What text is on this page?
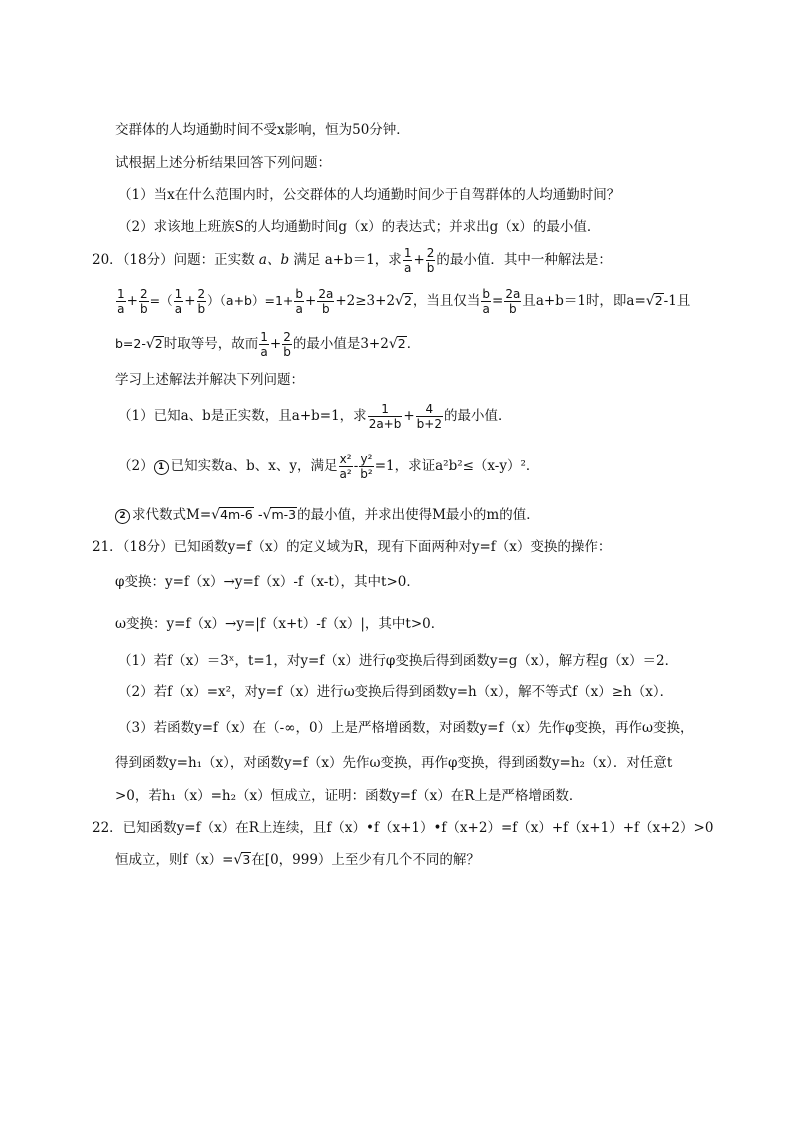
交群体的人均通勤时间不受x影响，恒为50分钟．
试根据上述分析结果回答下列问题：
（1）当x在什么范围内时，公交群体的人均通勤时间少于自驾群体的人均通勤时间？
（2）求该地上班族S的人均通勤时间g（x）的表达式；并求出g（x）的最小值．
20．（18分）问题：正实数 a、b 满足 a+b＝1，求 $\frac{1}{a} + \frac{2}{b}$ 的最小值．其中一种解法是：
$\frac{1}{a} + \frac{2}{b}$ =（ $\frac{1}{a} + \frac{2}{b} )(a+b)=1+ \frac{b}{a} + \frac{2a}{b} +2\ge 3+2√2$，当且仅当 $\frac{b}{a} = \frac{2a}{b}$ 且a+b＝1时，即a=√2-1且
b=2-√2时取等号，故而 $\frac{1}{a} + \frac{2}{b}$ 的最小值是3+2√2．
学习上述解法并解决下列问题：
（1）已知a、b是正实数，且a+b=1，求 $\frac{1}{2a+b} + \frac{4}{b+2}$ 的最小值．
（2） 1 已知实数a、b、x、y，满足 $\frac{\text{x²}}{\text{a²}} - \frac{\text{y²}}{\text{b²}} =1$，求证a²b²≤（x-y）²．
2 求代数式M=√4m-6 -√m-3的最小值，并求出使得M最小的m的值．
21．（18分）已知函数y=f（x）的定义域为R，现有下面两种对y=f（x）变换的操作：
φ变换：y=f（x）→y=f（x）-f（x-t），其中t>0．
ω变换：y=f（x）→y=|f（x+t）-f（x）|，其中t>0．
（1）若f（x）＝3ˣ，t=1，对y=f（x）进行φ变换后得到函数y=g（x），解方程g（x）＝2．
（2）若f（x）=x²，对y=f（x）进行ω变换后得到函数y=h（x），解不等式f（x）≥h（x）．
（3）若函数y=f（x）在（-∞，0）上是严格增函数，对函数y=f（x）先作φ变换，再作ω变换，
得到函数y=h₁（x），对函数y=f（x）先作ω变换，再作φ变换，得到函数y=h₂（x）．对任意t
>0，若h₁（x）=h₂（x）恒成立，证明：函数y=f（x）在R上是严格增函数．
22．已知函数y=f（x）在R上连续，且f（x）•f（x+1）•f（x+2）=f（x）+f（x+1）+f（x+2）>0
恒成立，则f（x）=√3在[0，999）上至少有几个不同的解？
